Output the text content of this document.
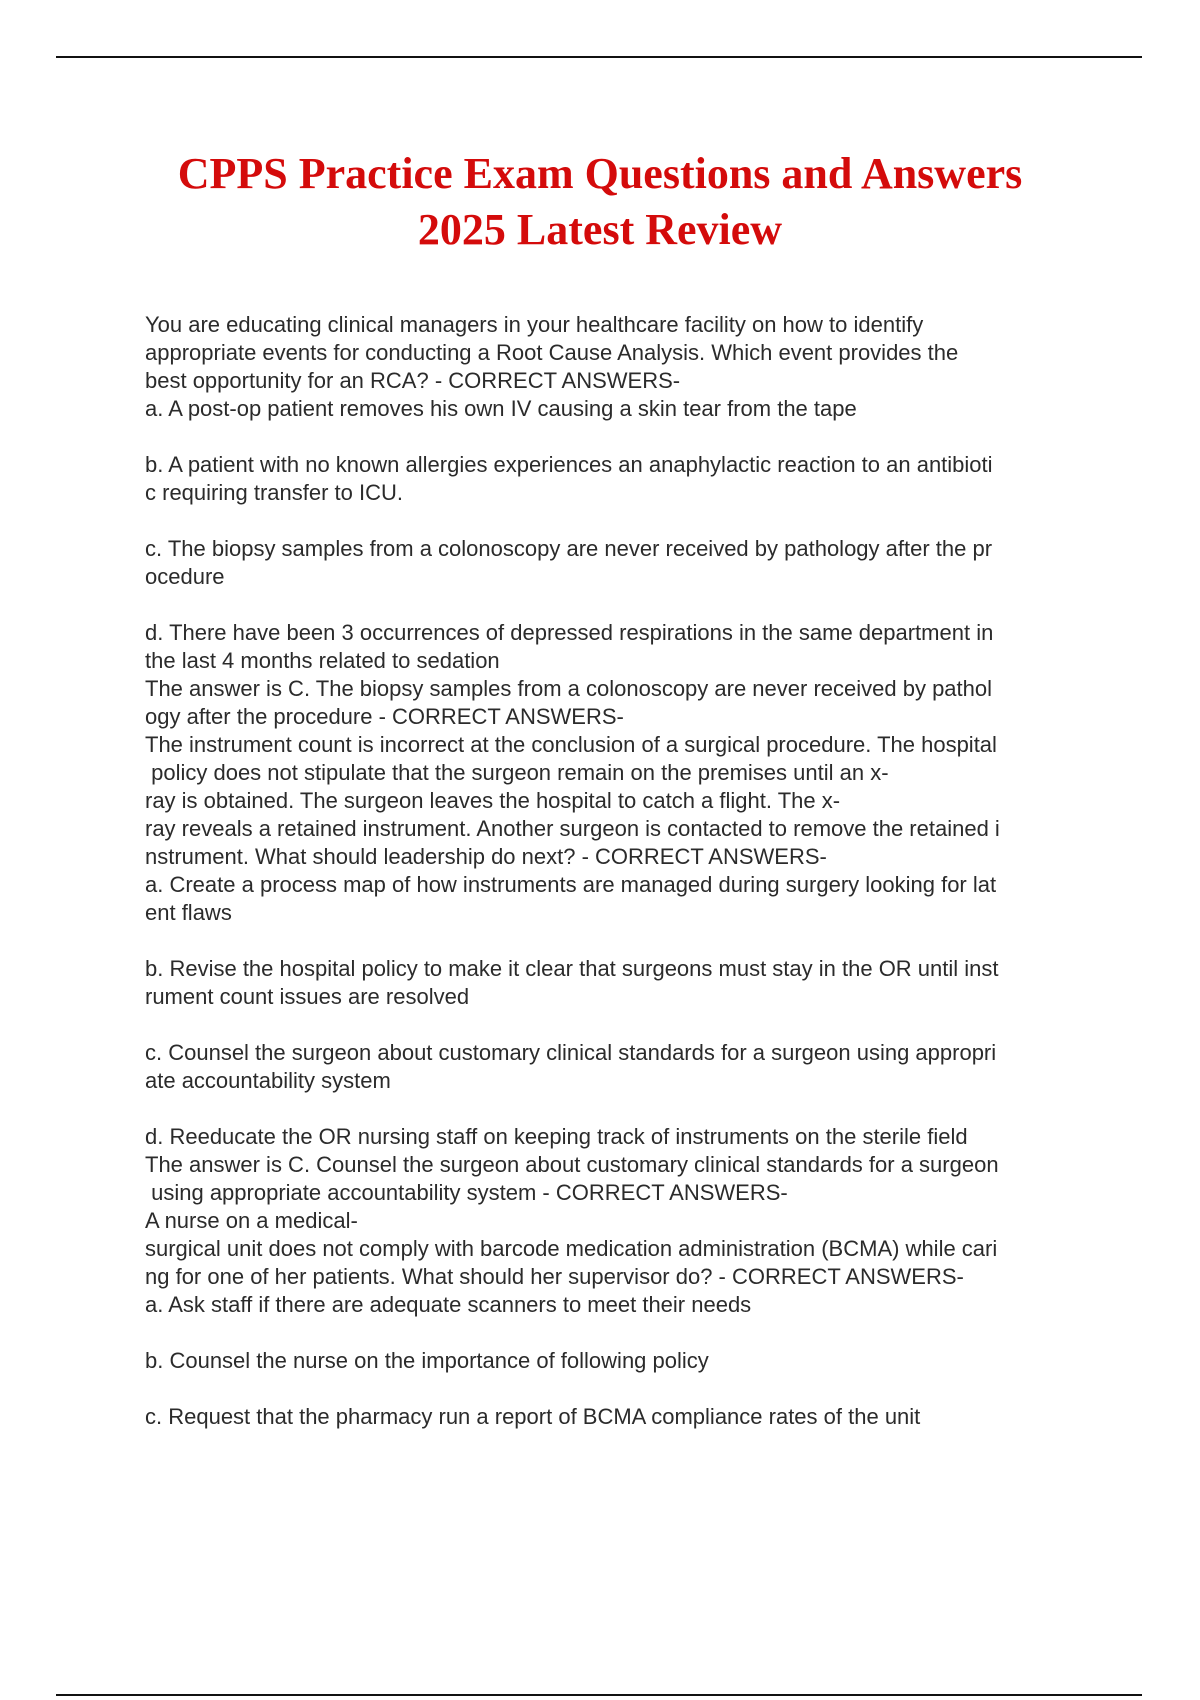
CPPS Practice Exam Questions and Answers
2025 Latest Review
You are educating clinical managers in your healthcare facility on how to identify
appropriate events for conducting a Root Cause Analysis. Which event provides the
best opportunity for an RCA? - CORRECT ANSWERS-
a. A post-op patient removes his own IV causing a skin tear from the tape
b. A patient with no known allergies experiences an anaphylactic reaction to an antibioti
c requiring transfer to ICU.
c. The biopsy samples from a colonoscopy are never received by pathology after the pr
ocedure
d. There have been 3 occurrences of depressed respirations in the same department in
the last 4 months related to sedation
The answer is C. The biopsy samples from a colonoscopy are never received by pathol
ogy after the procedure - CORRECT ANSWERS-
The instrument count is incorrect at the conclusion of a surgical procedure. The hospital
policy does not stipulate that the surgeon remain on the premises until an x-
ray is obtained. The surgeon leaves the hospital to catch a flight. The x-
ray reveals a retained instrument. Another surgeon is contacted to remove the retained i
nstrument. What should leadership do next? - CORRECT ANSWERS-
a. Create a process map of how instruments are managed during surgery looking for lat
ent flaws
b. Revise the hospital policy to make it clear that surgeons must stay in the OR until inst
rument count issues are resolved
c. Counsel the surgeon about customary clinical standards for a surgeon using appropri
ate accountability system
d. Reeducate the OR nursing staff on keeping track of instruments on the sterile field
The answer is C. Counsel the surgeon about customary clinical standards for a surgeon
using appropriate accountability system - CORRECT ANSWERS-
A nurse on a medical-
surgical unit does not comply with barcode medication administration (BCMA) while cari
ng for one of her patients. What should her supervisor do? - CORRECT ANSWERS-
a. Ask staff if there are adequate scanners to meet their needs
b. Counsel the nurse on the importance of following policy
c. Request that the pharmacy run a report of BCMA compliance rates of the unit
